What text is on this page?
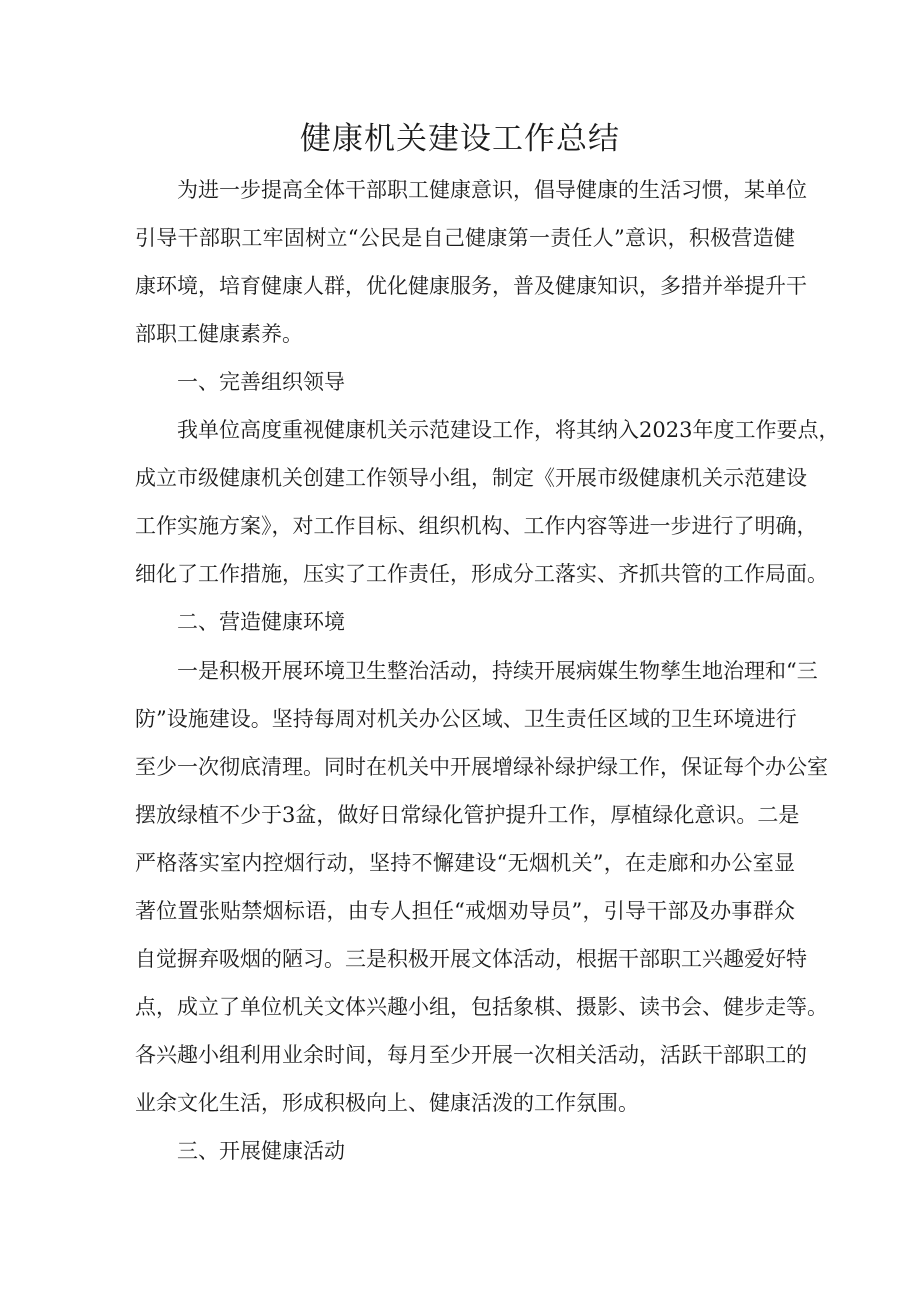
健康机关建设工作总结
为进一步提高全体干部职工健康意识，倡导健康的生活习惯，某单位
引导干部职工牢固树立“公民是自己健康第一责任人”意识，积极营造健
康环境，培育健康人群，优化健康服务，普及健康知识，多措并举提升干
部职工健康素养。
一、完善组织领导
我单位高度重视健康机关示范建设工作，将其纳入2023年度工作要点，
成立市级健康机关创建工作领导小组，制定《开展市级健康机关示范建设
工作实施方案》，对工作目标、组织机构、工作内容等进一步进行了明确，
细化了工作措施，压实了工作责任，形成分工落实、齐抓共管的工作局面。
二、营造健康环境
一是积极开展环境卫生整治活动，持续开展病媒生物孳生地治理和“三
防”设施建设。坚持每周对机关办公区域、卫生责任区域的卫生环境进行
至少一次彻底清理。同时在机关中开展增绿补绿护绿工作，保证每个办公室
摆放绿植不少于3盆，做好日常绿化管护提升工作，厚植绿化意识。二是
严格落实室内控烟行动，坚持不懈建设“无烟机关”，在走廊和办公室显
著位置张贴禁烟标语，由专人担任“戒烟劝导员”，引导干部及办事群众
自觉摒弃吸烟的陋习。三是积极开展文体活动，根据干部职工兴趣爱好特
点，成立了单位机关文体兴趣小组，包括象棋、摄影、读书会、健步走等。
各兴趣小组利用业余时间，每月至少开展一次相关活动，活跃干部职工的
业余文化生活，形成积极向上、健康活泼的工作氛围。
三、开展健康活动
